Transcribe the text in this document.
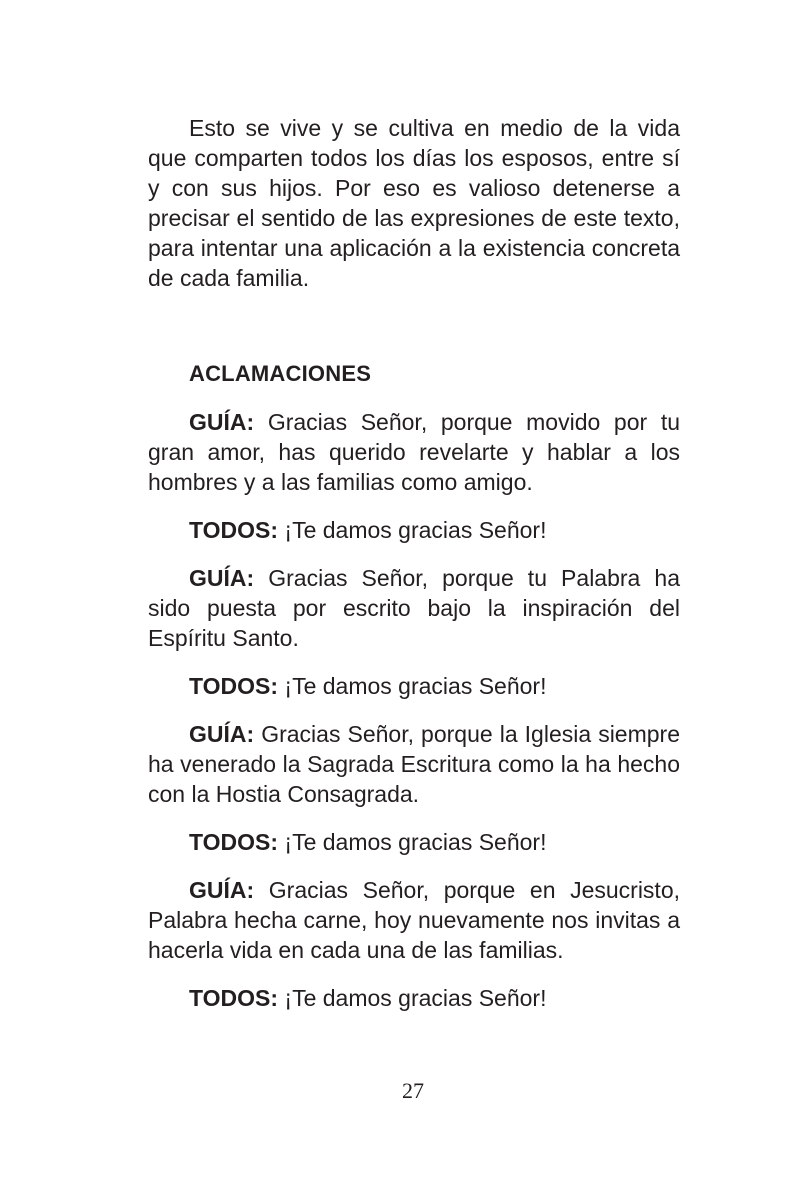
Esto se vive y se cultiva en medio de la vida que comparten todos los días los esposos, entre sí y con sus hijos. Por eso es valioso detenerse a precisar el sentido de las expresiones de este texto, para intentar una aplicación a la existencia concreta de cada familia.

ACLAMACIONES

GUÍA: Gracias Señor, porque movido por tu gran amor, has querido revelarte y hablar a los hombres y a las familias como amigo.

TODOS: ¡Te damos gracias Señor!

GUÍA: Gracias Señor, porque tu Palabra ha sido puesta por escrito bajo la inspiración del Espíritu Santo.

TODOS: ¡Te damos gracias Señor!

GUÍA: Gracias Señor, porque la Iglesia siempre ha venerado la Sagrada Escritura como la ha hecho con la Hostia Consagrada.

TODOS: ¡Te damos gracias Señor!

GUÍA: Gracias Señor, porque en Jesucristo, Palabra hecha carne, hoy nuevamente nos invitas a hacerla vida en cada una de las familias.

TODOS: ¡Te damos gracias Señor!

27
